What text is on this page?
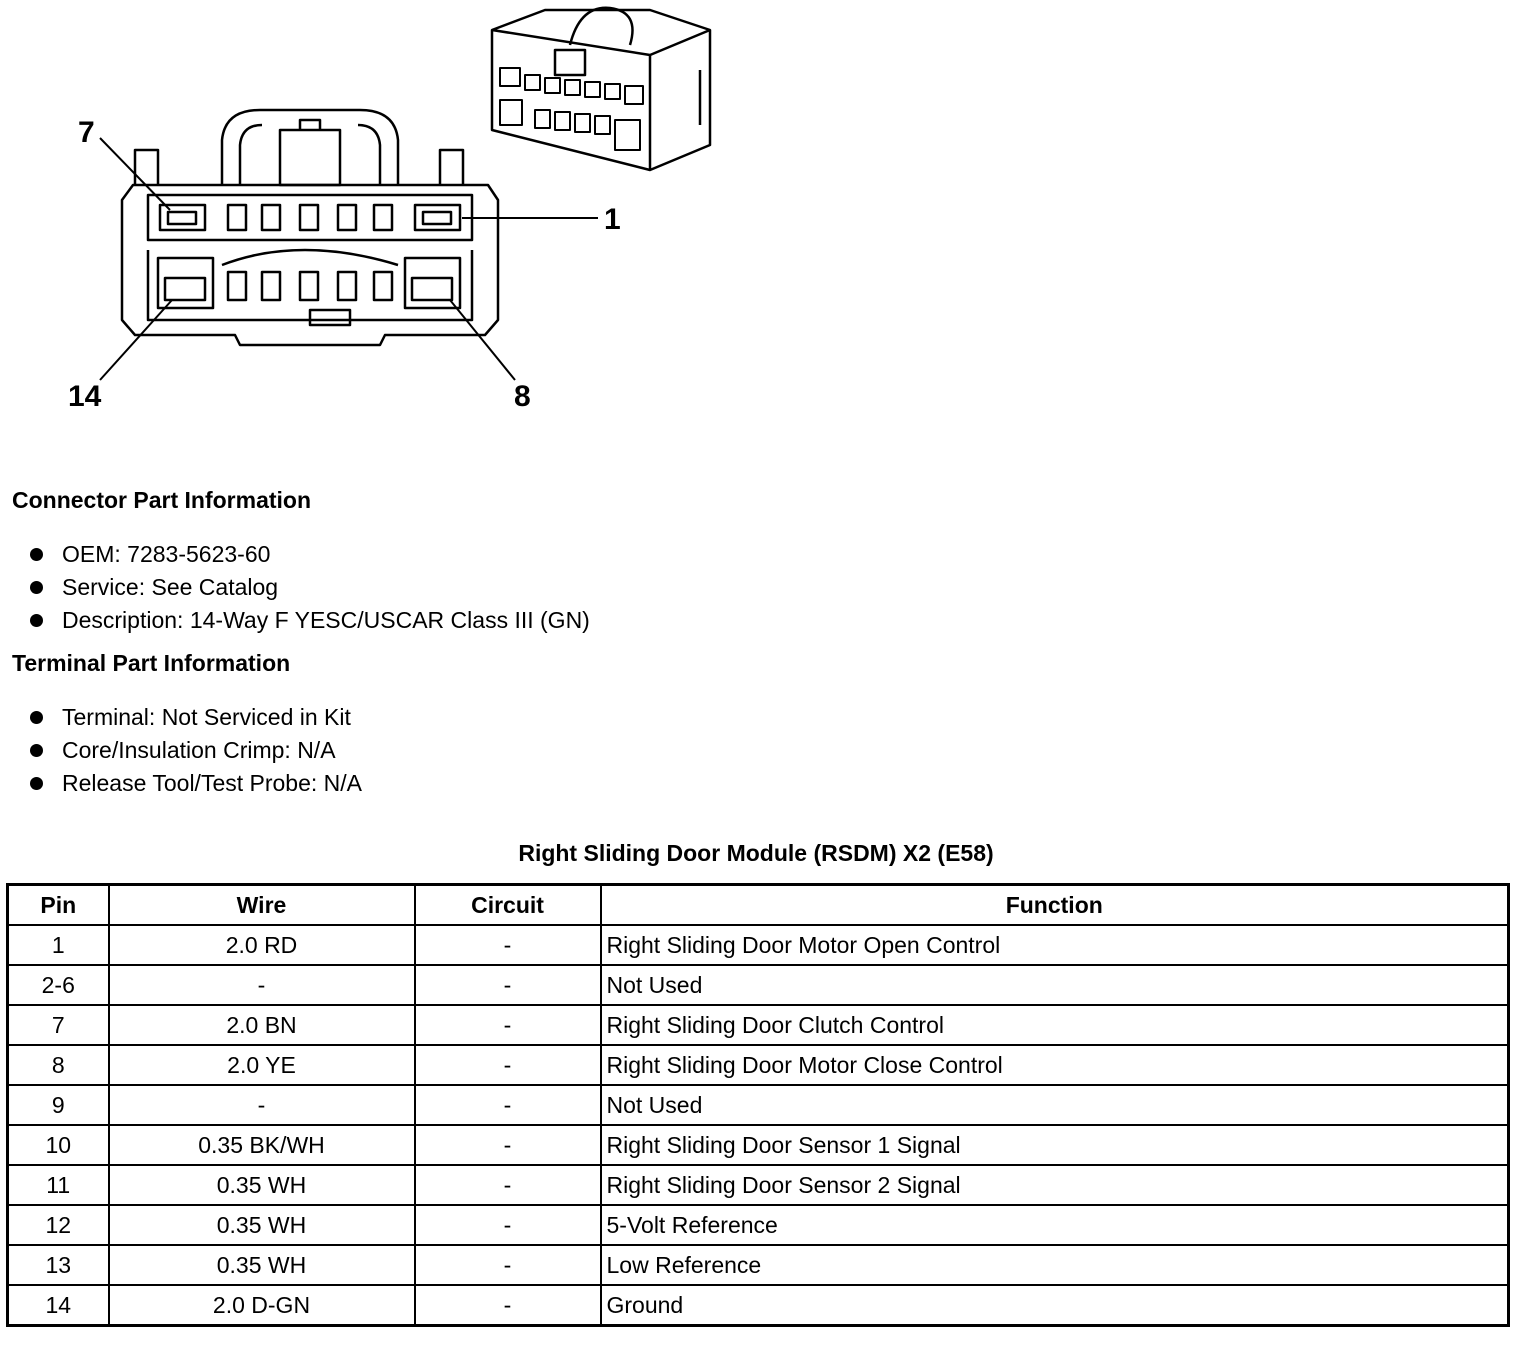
7
1
14	8
Connector Part Information
OEM: 7283-5623-60
Service: See Catalog
Description: 14-Way F YESC/USCAR Class III (GN)
Terminal Part Information
Terminal: Not Serviced in Kit
Core/Insulation Crimp: N/A
Release Tool/Test Probe: N/A
Right Sliding Door Module (RSDM) X2 (E58)
Pin	Wire	Circuit	Function
1	2.0 RD	-	Right Sliding Door Motor Open Control
2-6	-	-	Not Used
7	2.0 BN	-	Right Sliding Door Clutch Control
8	2.0 YE	-	Right Sliding Door Motor Close Control
9	-	-	Not Used
10	0.35 BK/WH	-	Right Sliding Door Sensor 1 Signal
11	0.35 WH	-	Right Sliding Door Sensor 2 Signal
12	0.35 WH	-	5-Volt Reference
13	0.35 WH	-	Low Reference
14	2.0 D-GN	-	Ground
